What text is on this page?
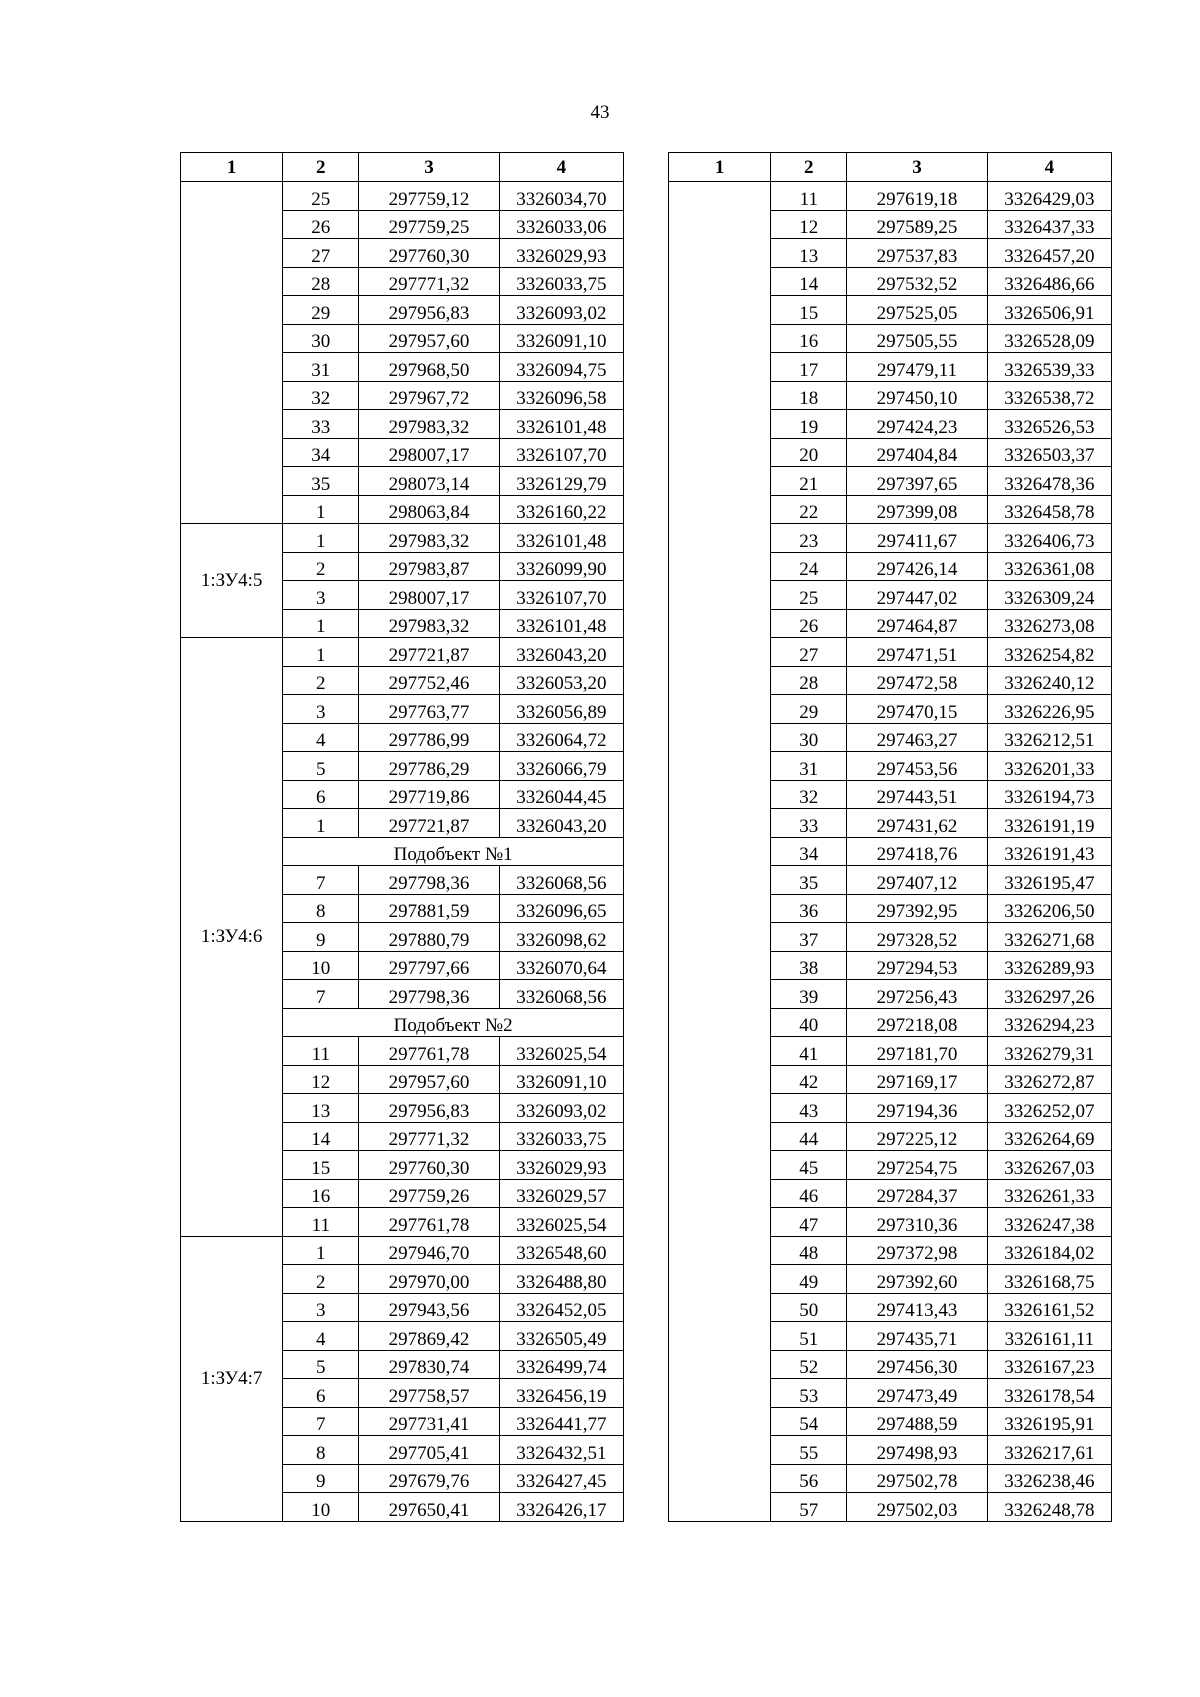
43
1	2	3	4
	25	297759,12	3326034,70
	26	297759,25	3326033,06
	27	297760,30	3326029,93
	28	297771,32	3326033,75
	29	297956,83	3326093,02
	30	297957,60	3326091,10
	31	297968,50	3326094,75
	32	297967,72	3326096,58
	33	297983,32	3326101,48
	34	298007,17	3326107,70
	35	298073,14	3326129,79
	1	298063,84	3326160,22
1:ЗУ4:5	1	297983,32	3326101,48
	2	297983,87	3326099,90
	3	298007,17	3326107,70
	1	297983,32	3326101,48
1:ЗУ4:6	1	297721,87	3326043,20
	2	297752,46	3326053,20
	3	297763,77	3326056,89
	4	297786,99	3326064,72
	5	297786,29	3326066,79
	6	297719,86	3326044,45
	1	297721,87	3326043,20
	Подобъект №1		
	7	297798,36	3326068,56
	8	297881,59	3326096,65
	9	297880,79	3326098,62
	10	297797,66	3326070,64
	7	297798,36	3326068,56
	Подобъект №2		
	11	297761,78	3326025,54
	12	297957,60	3326091,10
	13	297956,83	3326093,02
	14	297771,32	3326033,75
	15	297760,30	3326029,93
	16	297759,26	3326029,57
	11	297761,78	3326025,54
1:ЗУ4:7	1	297946,70	3326548,60
	2	297970,00	3326488,80
	3	297943,56	3326452,05
	4	297869,42	3326505,49
	5	297830,74	3326499,74
	6	297758,57	3326456,19
	7	297731,41	3326441,77
	8	297705,41	3326432,51
	9	297679,76	3326427,45
	10	297650,41	3326426,17
1	2	3	4
	11	297619,18	3326429,03
	12	297589,25	3326437,33
	13	297537,83	3326457,20
	14	297532,52	3326486,66
	15	297525,05	3326506,91
	16	297505,55	3326528,09
	17	297479,11	3326539,33
	18	297450,10	3326538,72
	19	297424,23	3326526,53
	20	297404,84	3326503,37
	21	297397,65	3326478,36
	22	297399,08	3326458,78
	23	297411,67	3326406,73
	24	297426,14	3326361,08
	25	297447,02	3326309,24
	26	297464,87	3326273,08
	27	297471,51	3326254,82
	28	297472,58	3326240,12
	29	297470,15	3326226,95
	30	297463,27	3326212,51
	31	297453,56	3326201,33
	32	297443,51	3326194,73
	33	297431,62	3326191,19
	34	297418,76	3326191,43
	35	297407,12	3326195,47
	36	297392,95	3326206,50
	37	297328,52	3326271,68
	38	297294,53	3326289,93
	39	297256,43	3326297,26
	40	297218,08	3326294,23
	41	297181,70	3326279,31
	42	297169,17	3326272,87
	43	297194,36	3326252,07
	44	297225,12	3326264,69
	45	297254,75	3326267,03
	46	297284,37	3326261,33
	47	297310,36	3326247,38
	48	297372,98	3326184,02
	49	297392,60	3326168,75
	50	297413,43	3326161,52
	51	297435,71	3326161,11
	52	297456,30	3326167,23
	53	297473,49	3326178,54
	54	297488,59	3326195,91
	55	297498,93	3326217,61
	56	297502,78	3326238,46
	57	297502,03	3326248,78
